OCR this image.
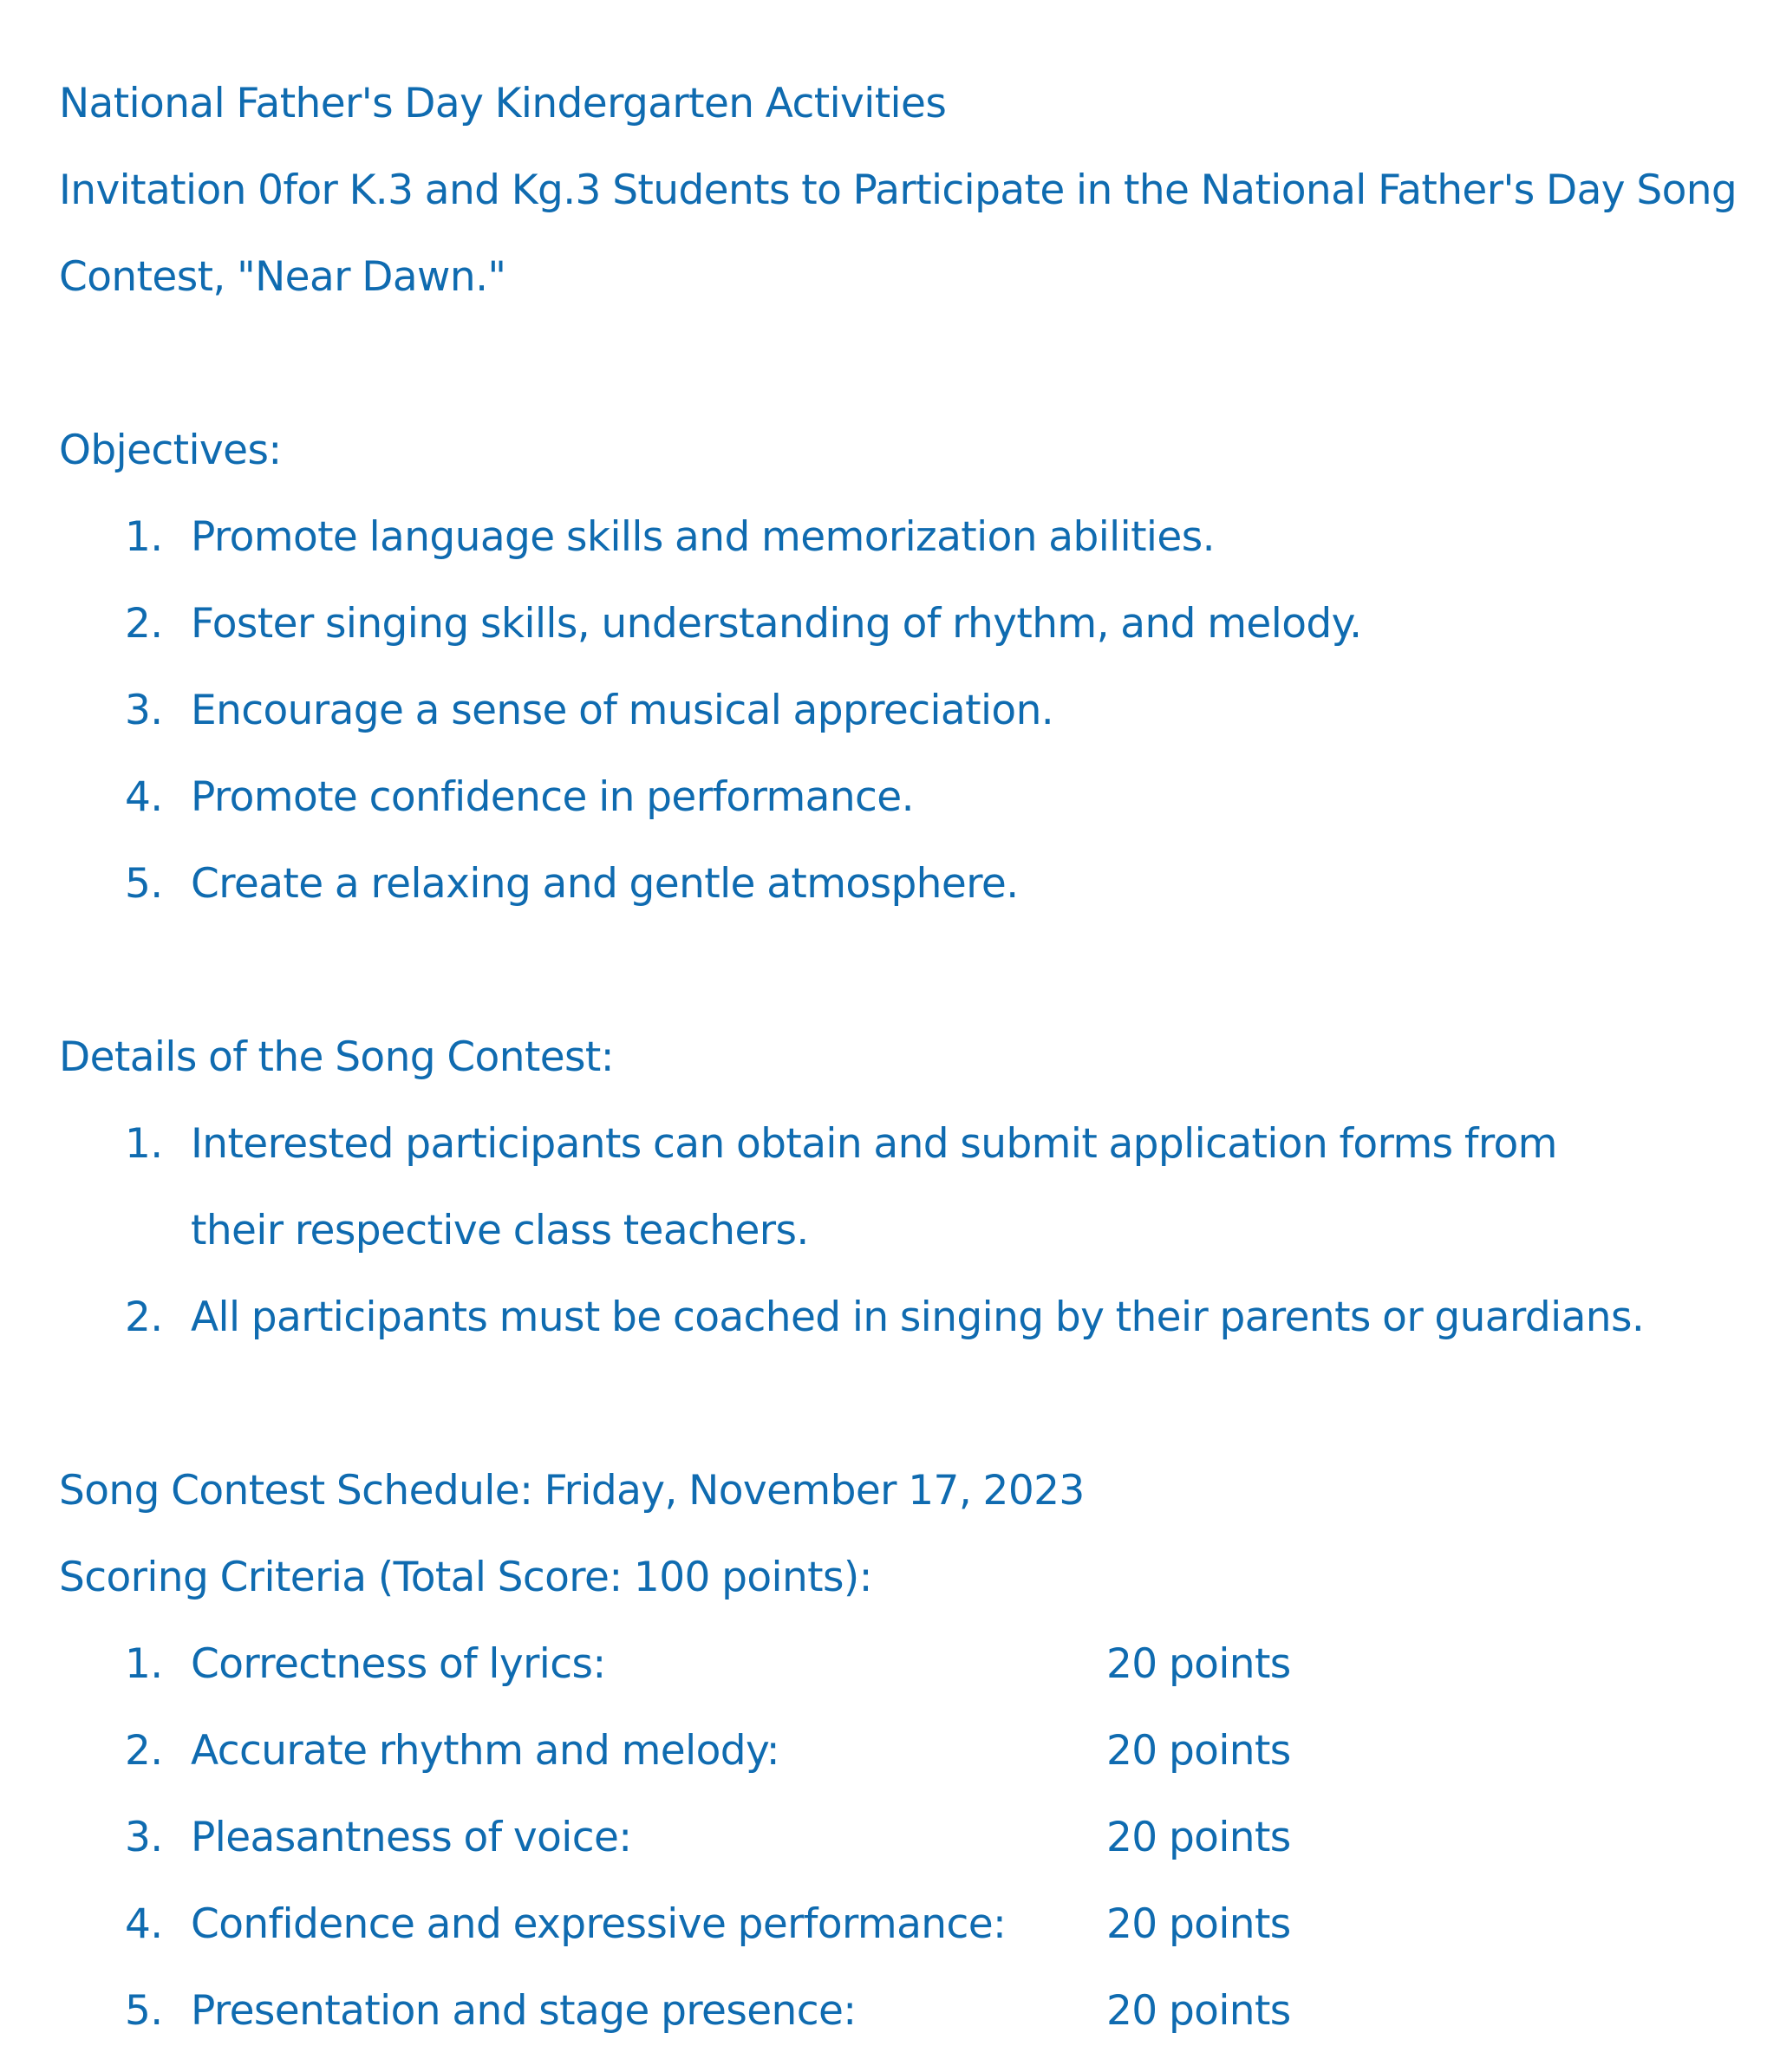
National Father's Day Kindergarten Activities
Invitation 0for K.3 and Kg.3 Students to Participate in the National Father's Day Song
Contest, "Near Dawn."
Objectives:
1. Promote language skills and memorization abilities.
2. Foster singing skills, understanding of rhythm, and melody.
3. Encourage a sense of musical appreciation.
4. Promote confidence in performance.
5. Create a relaxing and gentle atmosphere.
Details of the Song Contest:
1. Interested participants can obtain and submit application forms from their respective class teachers.
2. All participants must be coached in singing by their parents or guardians.
Song Contest Schedule: Friday, November 17, 2023
Scoring Criteria (Total Score: 100 points):
1. Correctness of lyrics:	20 points
2. Accurate rhythm and melody:	20 points
3. Pleasantness of voice:	20 points
4. Confidence and expressive performance: 20 points
5. Presentation and stage presence:	20 points
